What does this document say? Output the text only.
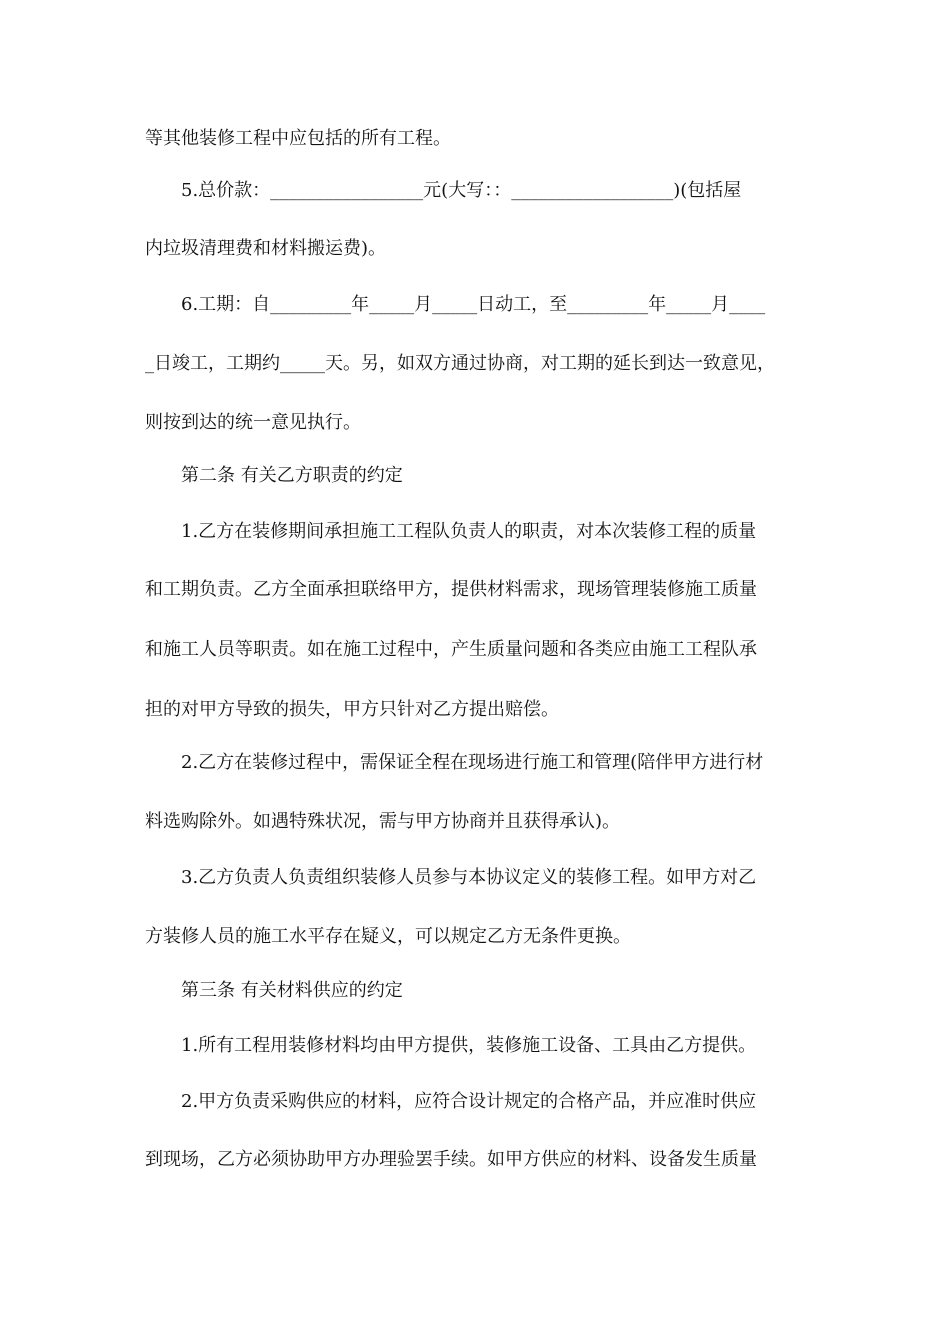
等其他装修工程中应包括的所有工程。
5.总价款：_________________元(大写：：__________________)(包括屋
内垃圾清理费和材料搬运费)。
6.工期：自_________年_____月_____日动工，至_________年_____月____
_日竣工，工期约_____天。另，如双方通过协商，对工期的延长到达一致意见，
则按到达的统一意见执行。
第二条 有关乙方职责的约定
1.乙方在装修期间承担施工工程队负责人的职责，对本次装修工程的质量
和工期负责。乙方全面承担联络甲方，提供材料需求，现场管理装修施工质量
和施工人员等职责。如在施工过程中，产生质量问题和各类应由施工工程队承
担的对甲方导致的损失，甲方只针对乙方提出赔偿。
2.乙方在装修过程中，需保证全程在现场进行施工和管理(陪伴甲方进行材
料选购除外。如遇特殊状况，需与甲方协商并且获得承认)。
3.乙方负责人负责组织装修人员参与本协议定义的装修工程。如甲方对乙
方装修人员的施工水平存在疑义，可以规定乙方无条件更换。
第三条 有关材料供应的约定
1.所有工程用装修材料均由甲方提供，装修施工设备、工具由乙方提供。
2.甲方负责采购供应的材料，应符合设计规定的合格产品，并应准时供应
到现场，乙方必须协助甲方办理验罢手续。如甲方供应的材料、设备发生质量
